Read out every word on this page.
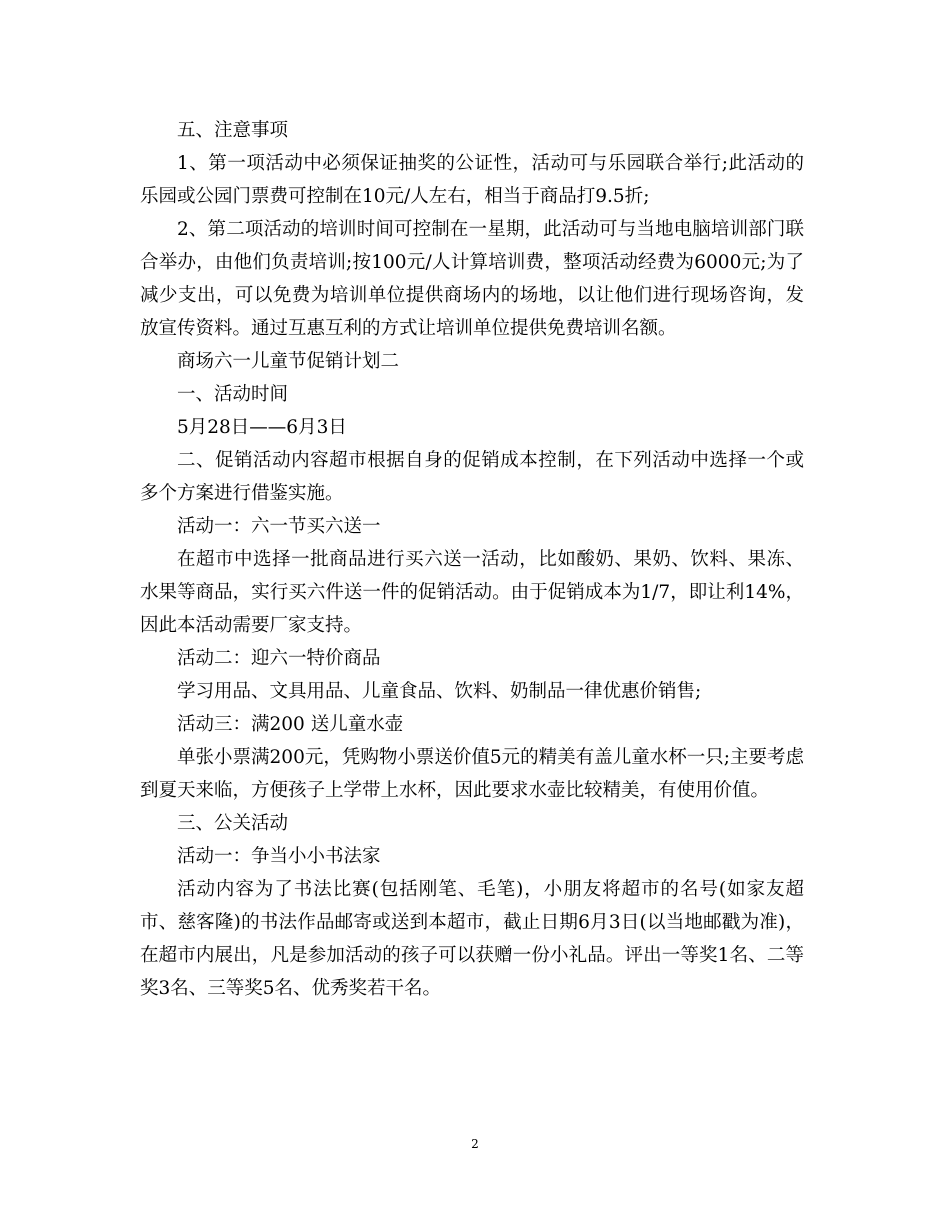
五、注意事项

1、第一项活动中必须保证抽奖的公证性，活动可与乐园联合举行;此活动的乐园或公园门票费可控制在10元/人左右，相当于商品打9.5折;

2、第二项活动的培训时间可控制在一星期，此活动可与当地电脑培训部门联合举办，由他们负责培训;按100元/人计算培训费，整项活动经费为6000元;为了减少支出，可以免费为培训单位提供商场内的场地，以让他们进行现场咨询，发放宣传资料。通过互惠互利的方式让培训单位提供免费培训名额。

商场六一儿童节促销计划二

一、活动时间

5月28日——6月3日

二、促销活动内容超市根据自身的促销成本控制，在下列活动中选择一个或多个方案进行借鉴实施。

活动一：六一节买六送一

在超市中选择一批商品进行买六送一活动，比如酸奶、果奶、饮料、果冻、水果等商品，实行买六件送一件的促销活动。由于促销成本为1/7，即让利14%，因此本活动需要厂家支持。

活动二：迎六一特价商品

学习用品、文具用品、儿童食品、饮料、奶制品一律优惠价销售;

活动三：满200 送儿童水壶

单张小票满200元，凭购物小票送价值5元的精美有盖儿童水杯一只;主要考虑到夏天来临，方便孩子上学带上水杯，因此要求水壶比较精美，有使用价值。

三、公关活动

活动一：争当小小书法家

活动内容为了书法比赛(包括刚笔、毛笔)，小朋友将超市的名号(如家友超市、慈客隆)的书法作品邮寄或送到本超市，截止日期6月3日(以当地邮戳为准)，在超市内展出，凡是参加活动的孩子可以获赠一份小礼品。评出一等奖1名、二等奖3名、三等奖5名、优秀奖若干名。

2
